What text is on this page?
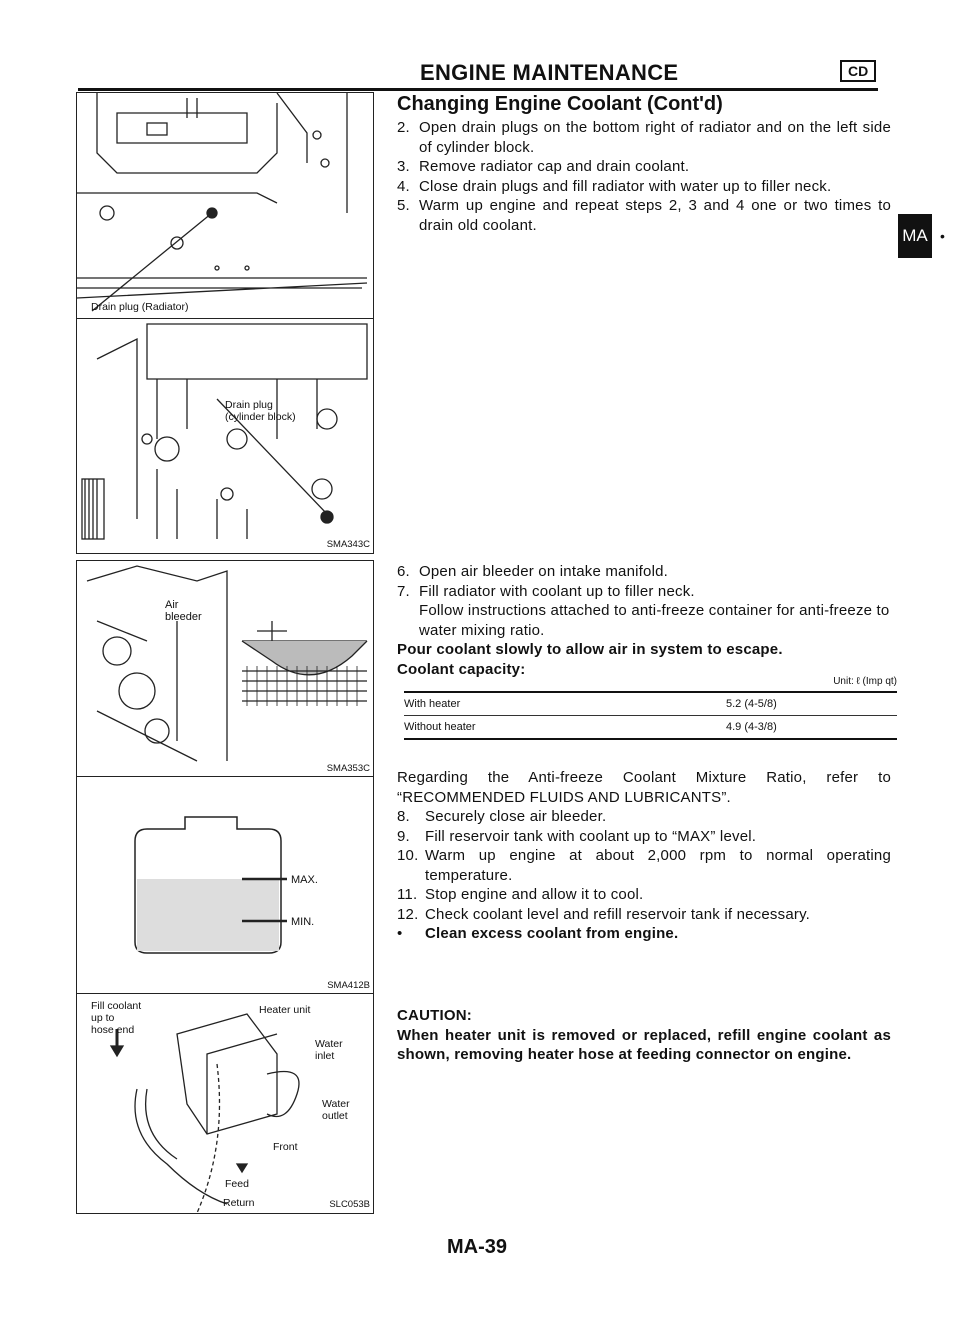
ENGINE MAINTENANCE	CD
Changing Engine Coolant (Cont'd)
MA •
2. Open drain plugs on the bottom right of radiator and on the left side of cylinder block.
3. Remove radiator cap and drain coolant.
4. Close drain plugs and fill radiator with water up to filler neck.
5. Warm up engine and repeat steps 2, 3 and 4 one or two times to drain old coolant.
6. Open air bleeder on intake manifold.
7. Fill radiator with coolant up to filler neck.
Follow instructions attached to anti-freeze container for anti-freeze to water mixing ratio.
Pour coolant slowly to allow air in system to escape.
Coolant capacity:
Unit: ℓ (Imp qt)
With heater	5.2 (4-5/8)
Without heater	4.9 (4-3/8)
Regarding the Anti-freeze Coolant Mixture Ratio, refer to “RECOMMENDED FLUIDS AND LUBRICANTS”.
8.	Securely close air bleeder.
9.	Fill reservoir tank with coolant up to “MAX” level.
10. Warm up engine at about 2,000 rpm to normal operating temperature.
11. Stop engine and allow it to cool.
12. Check coolant level and refill reservoir tank if necessary.
•	Clean excess coolant from engine.
CAUTION:
When heater unit is removed or replaced, refill engine coolant as shown, removing heater hose at feeding connector on engine.
Drain plug (Radiator)
Drain plug
(cylinder block)
SMA343C
Air
bleeder
SMA353C
MAX.
MIN.
SMA412B
Fill coolant
up to
hose end
Heater unit
Water
inlet
Water
outlet
Front
Feed
Return	SLC053B
MA-39
